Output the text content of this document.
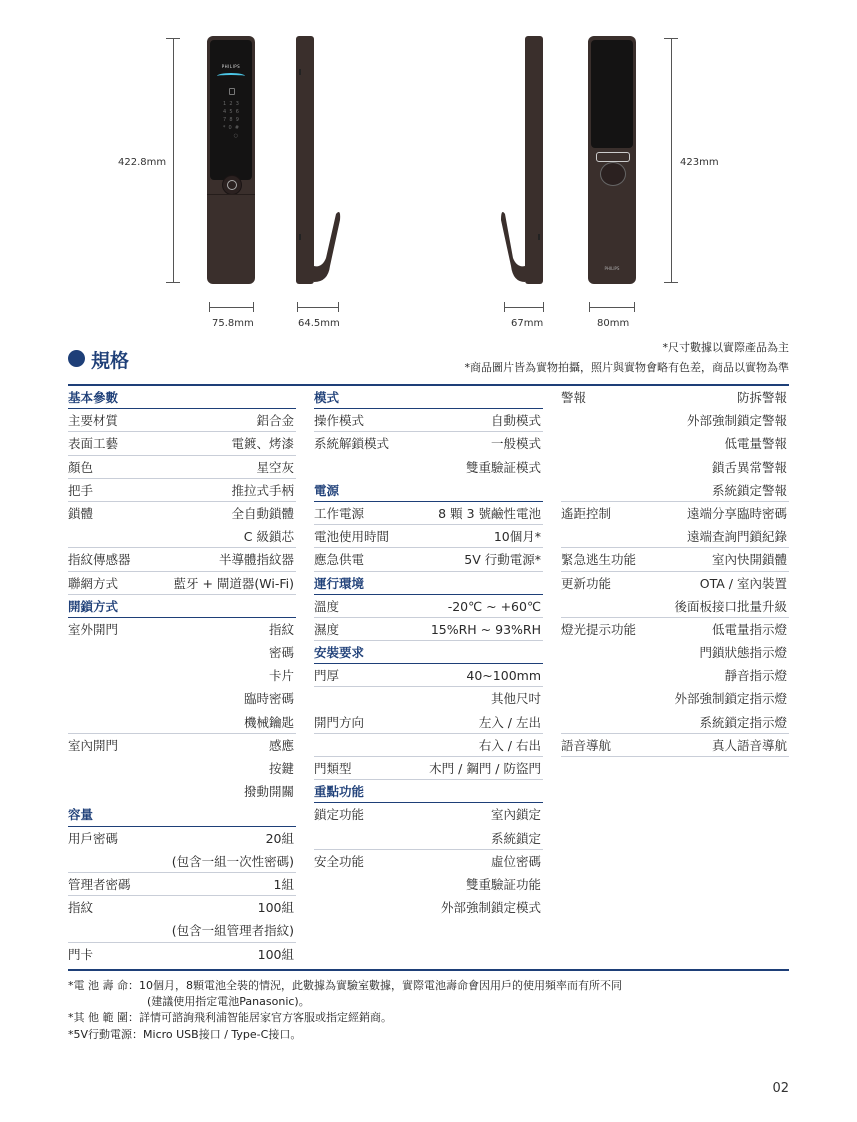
422.8mm
PHILIPS
1  2  3
4  5  6
7  8  9
*  0  #
○
PHILIPS
423mm
75.8mm	64.5mm	67mm	80mm
規格
*尺寸數據以實際產品為主
*商品圖片皆為實物拍攝，照片與實物會略有色差，商品以實物為準
基本參數
主要材質	鋁合金
表面工藝	電鍍、烤漆
顏色	星空灰
把手	推拉式手柄
鎖體	全自動鎖體
C 級鎖芯
指紋傳感器	半導體指紋器
聯網方式	藍牙 + 閘道器(Wi-Fi)
開鎖方式
室外開門	指紋
密碼
卡片
臨時密碼
機械鑰匙
室內開門	感應
按鍵
撥動開關
容量
用戶密碼	20組
(包含一組一次性密碼)
管理者密碼	1組
指紋	100組
(包含一組管理者指紋)
門卡	100組
模式
操作模式	自動模式
系統解鎖模式	一般模式
雙重驗証模式
電源
工作電源	8 顆 3 號鹼性電池
電池使用時間	10個月*
應急供電	5V 行動電源*
運行環境
溫度	-20℃ ~ +60℃
濕度	15%RH ~ 93%RH
安裝要求
門厚	40~100mm
其他尺吋
開門方向	左入 / 左出
右入 / 右出
門類型	木門 / 鋼門 / 防盜門
重點功能
鎖定功能	室內鎖定
系統鎖定
安全功能	虛位密碼
雙重驗証功能
外部強制鎖定模式
警報	防拆警報
外部強制鎖定警報
低電量警報
鎖舌異常警報
系統鎖定警報
遙距控制	遠端分享臨時密碼
遠端查詢門鎖紀錄
緊急逃生功能	室內快開鎖體
更新功能	OTA / 室內裝置
後面板接口批量升級
燈光提示功能	低電量指示燈
門鎖狀態指示燈
靜音指示燈
外部強制鎖定指示燈
系統鎖定指示燈
語音導航	真人語音導航
*電 池 壽 命：10個月，8顆電池全裝的情況，此數據為實驗室數據，實際電池壽命會因用戶的使用頻率而有所不同
(建議使用指定電池Panasonic)。
*其 他 範 圍：詳情可諮詢飛利浦智能居家官方客服或指定經銷商。
*5V行動電源：Micro USB接口 / Type-C接口。
02
